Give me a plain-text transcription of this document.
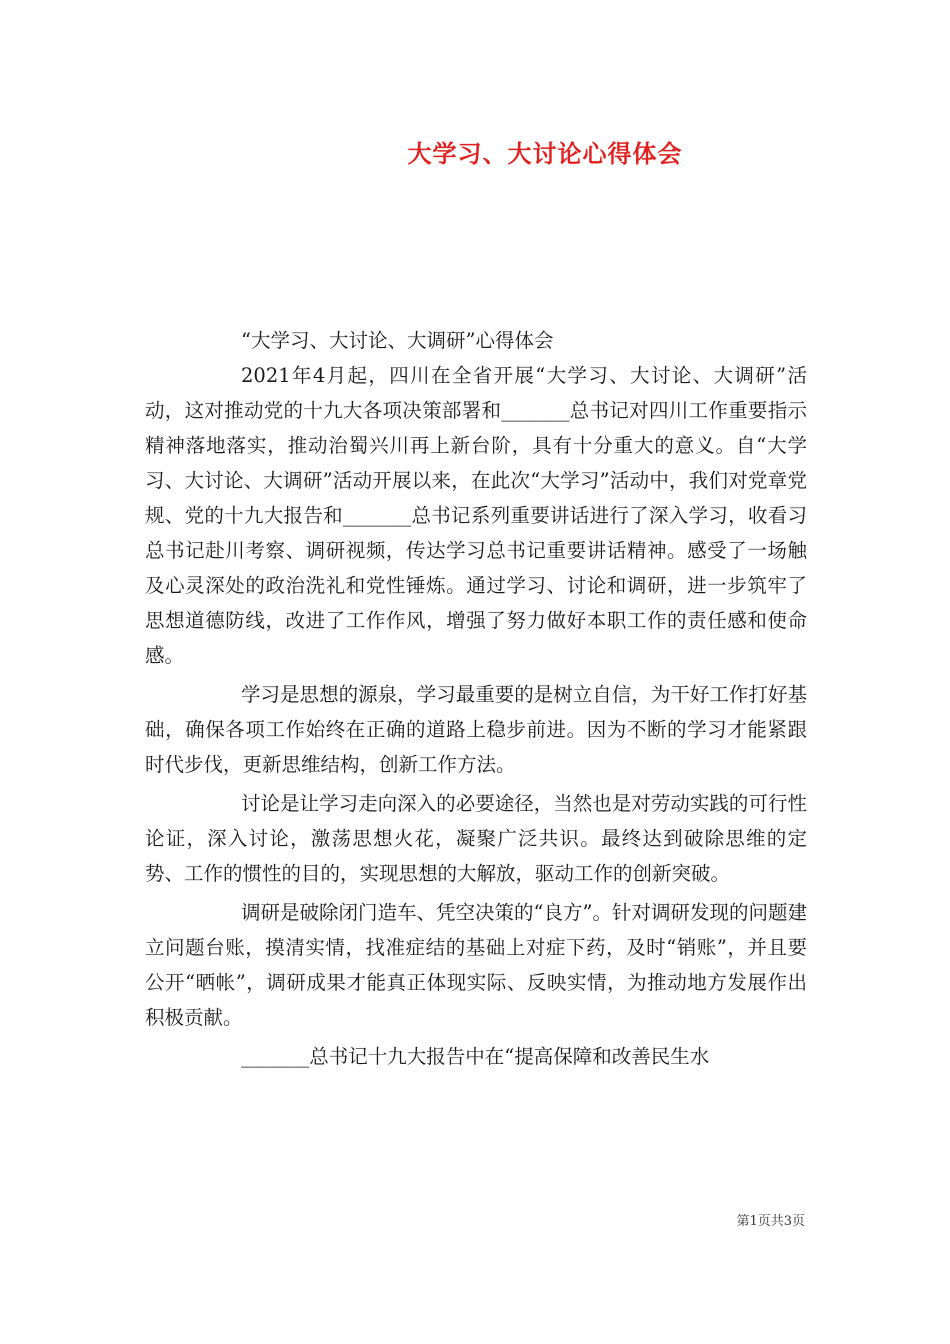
大学习、大讨论心得体会

“大学习、大讨论、大调研”心得体会

2021年4月起，四川在全省开展“大学习、大讨论、大调研”活动，这对推动党的十九大各项决策部署和_______总书记对四川工作重要指示精神落地落实，推动治蜀兴川再上新台阶，具有十分重大的意义。自“大学习、大讨论、大调研”活动开展以来，在此次“大学习”活动中，我们对党章党规、党的十九大报告和_______总书记系列重要讲话进行了深入学习，收看习总书记赴川考察、调研视频，传达学习总书记重要讲话精神。感受了一场触及心灵深处的政治洗礼和党性锤炼。通过学习、讨论和调研，进一步筑牢了思想道德防线，改进了工作作风，增强了努力做好本职工作的责任感和使命感。

学习是思想的源泉，学习最重要的是树立自信，为干好工作打好基础，确保各项工作始终在正确的道路上稳步前进。因为不断的学习才能紧跟时代步伐，更新思维结构，创新工作方法。

讨论是让学习走向深入的必要途径，当然也是对劳动实践的可行性论证，深入讨论，激荡思想火花，凝聚广泛共识。最终达到破除思维的定势、工作的惯性的目的，实现思想的大解放，驱动工作的创新突破。

调研是破除闭门造车、凭空决策的“良方”。针对调研发现的问题建立问题台账，摸清实情，找准症结的基础上对症下药，及时“销账”，并且要公开“晒帐”，调研成果才能真正体现实际、反映实情，为推动地方发展作出积极贡献。

_______总书记十九大报告中在“提高保障和改善民生水

第1页共3页
